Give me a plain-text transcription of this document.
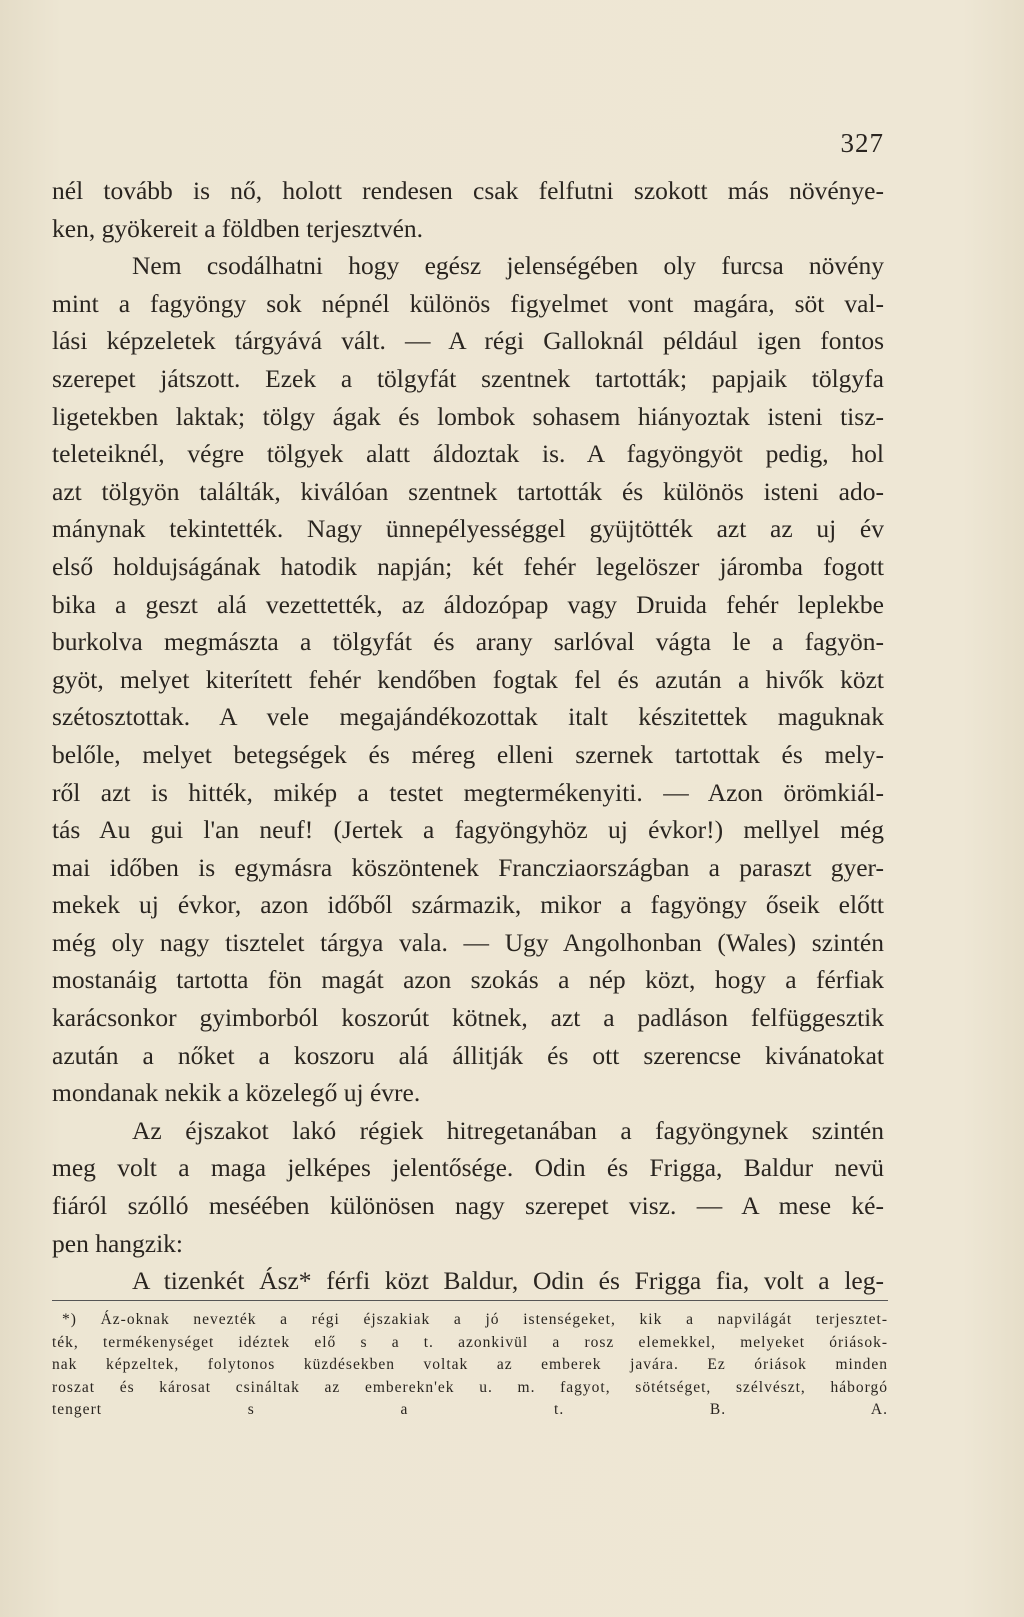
327
nél tovább is nő, holott rendesen csak felfutni szokott más növénye-
ken, gyökereit a földben terjesztvén.
Nem csodálhatni hogy egész jelenségében oly furcsa növény
mint a fagyöngy sok népnél különös figyelmet vont magára, söt val-
lási képzeletek tárgyává vált. — A régi Galloknál például igen fontos
szerepet játszott. Ezek a tölgyfát szentnek tartották; papjaik tölgyfa
ligetekben laktak; tölgy ágak és lombok sohasem hiányoztak isteni tisz-
teleteiknél, végre tölgyek alatt áldoztak is. A fagyöngyöt pedig, hol
azt tölgyön találták, kiválóan szentnek tartották és különös isteni ado-
mánynak tekintették. Nagy ünnepélyességgel gyüjtötték azt az uj év
első holdujságának hatodik napján; két fehér legelöszer járomba fogott
bika a geszt alá vezettették, az áldozópap vagy Druida fehér leplekbe
burkolva megmászta a tölgyfát és arany sarlóval vágta le a fagyön-
gyöt, melyet kiterített fehér kendőben fogtak fel és azután a hivők közt
szétosztottak. A vele megajándékozottak italt készitettek maguknak
belőle, melyet betegségek és méreg elleni szernek tartottak és mely-
ről azt is hitték, mikép a testet megtermékenyiti. — Azon örömkiál-
tás Au gui l'an neuf! (Jertek a fagyöngyhöz uj évkor!) mellyel még
mai időben is egymásra köszöntenek Francziaországban a paraszt gyer-
mekek uj évkor, azon időből származik, mikor a fagyöngy őseik előtt
még oly nagy tisztelet tárgya vala. — Ugy Angolhonban (Wales) szintén
mostanáig tartotta fön magát azon szokás a nép közt, hogy a férfiak
karácsonkor gyimborból koszorút kötnek, azt a padláson felfüggesztik
azután a nőket a koszoru alá állitják és ott szerencse kivánatokat
mondanak nekik a közelegő uj évre.
Az éjszakot lakó régiek hitregetanában a fagyöngynek szintén
meg volt a maga jelképes jelentősége. Odin és Frigga, Baldur nevü
fiáról szólló meséében különösen nagy szerepet visz. — A mese ké-
pen hangzik:
A tizenkét Ász* férfi közt Baldur, Odin és Frigga fia, volt a leg-
*) Áz-oknak nevezték a régi éjszakiak a jó istenségeket, kik a napvilágát terjesztet-
ték, termékenységet idéztek elő s a t. azonkivül a rosz elemekkel, melyeket óriások-
nak képzeltek, folytonos küzdésekben voltak az emberek javára. Ez óriások minden
roszat és károsat csináltak az emberekn'ek u. m. fagyot, sötétséget, szélvészt, háborgó
tengert s a t. B. A.
